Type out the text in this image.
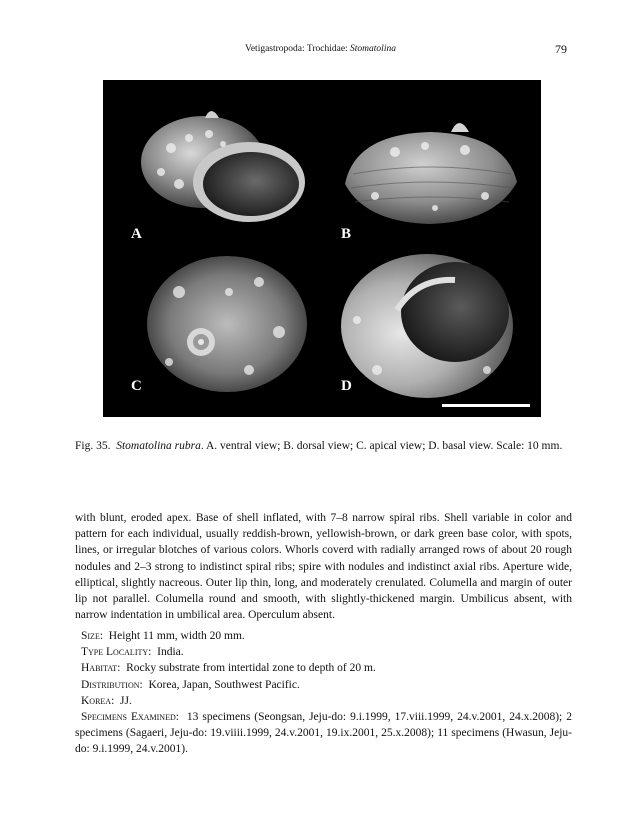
Vetigastropoda: Trochidae: Stomatolina	79
A	B
C	D
Fig. 35. Stomatolina rubra. A. ventral view; B. dorsal view; C. apical view; D. basal view. Scale: 10 mm.
with blunt, eroded apex. Base of shell inflated, with 7–8 narrow spiral ribs. Shell variable in color and pattern for each individual, usually reddish-brown, yellowish-brown, or dark green base color, with spots, lines, or irregular blotches of various colors. Whorls coverd with radially arranged rows of about 20 rough nodules and 2–3 strong to indistinct spiral ribs; spire with nodules and indistinct axial ribs. Aperture wide, elliptical, slightly nacreous. Outer lip thin, long, and moderately crenulated. Columella and margin of outer lip not parallel. Columella round and smooth, with slightly-thickened margin. Umbilicus absent, with narrow indentation in umbilical area. Operculum absent.

Size:  Height 11 mm, width 20 mm.

Type Locality:  India.

Habitat:  Rocky substrate from intertidal zone to depth of 20 m.

Distribution:  Korea, Japan, Southwest Pacific.

Korea:  JJ.

Specimens Examined:  13 specimens (Seongsan, Jeju-do: 9.i.1999, 17.viii.1999, 24.v.2001, 24.x.2008); 2 specimens (Sagaeri, Jeju-do: 19.viiii.1999, 24.v.2001, 19.ix.2001, 25.x.2008); 11 specimens (Hwasun, Jeju-do: 9.i.1999, 24.v.2001).
